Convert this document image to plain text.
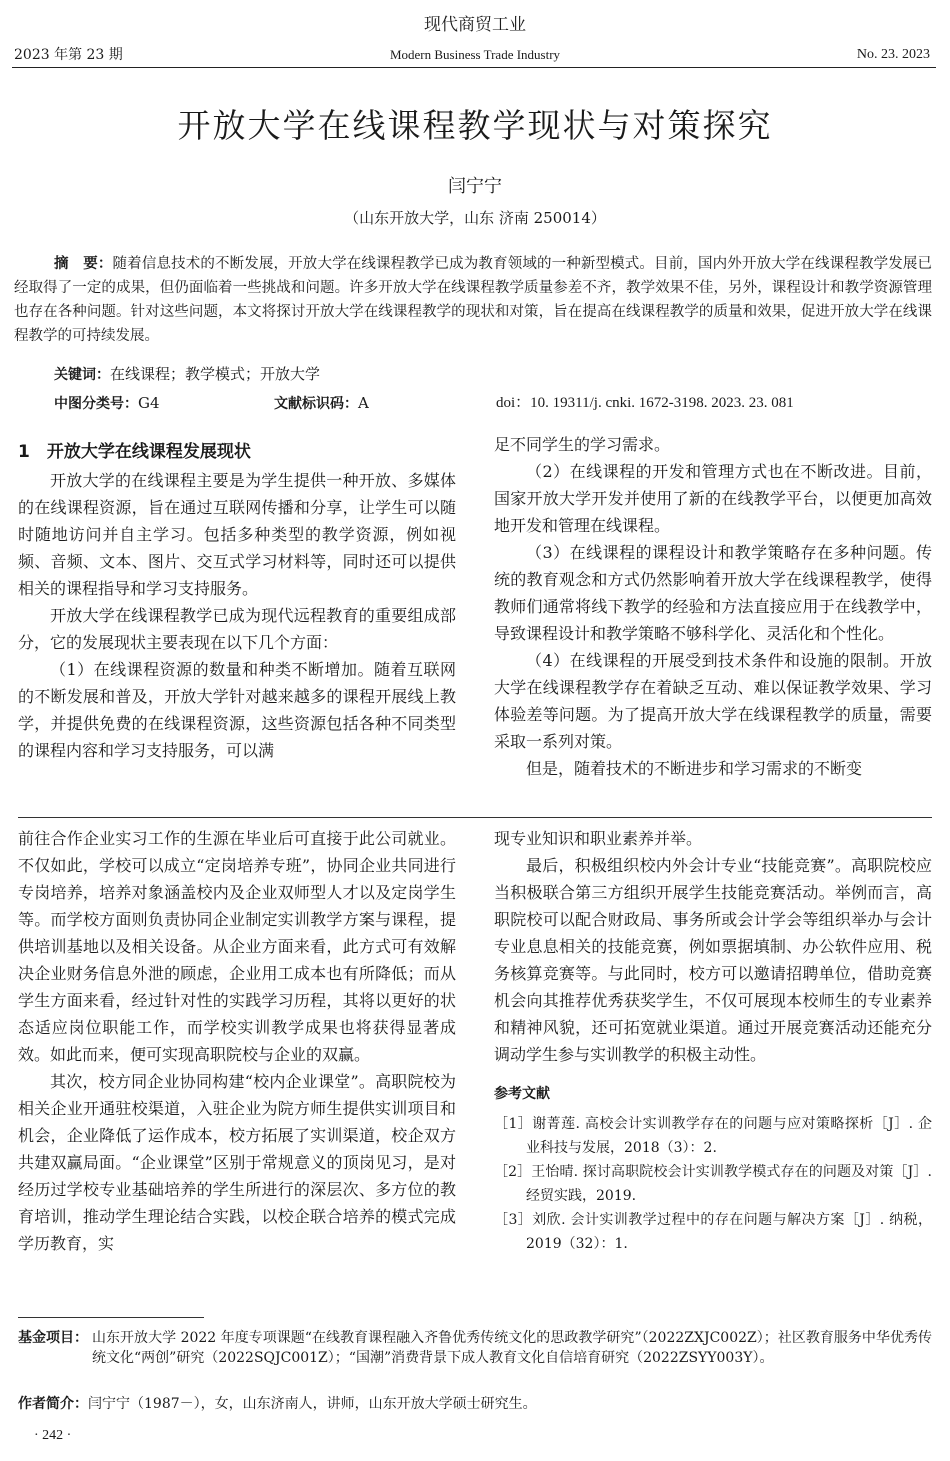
现代商贸工业
2023 年第 23 期	Modern Business Trade Industry	No. 23. 2023
开放大学在线课程教学现状与对策探究
闫宁宁
（山东开放大学，山东 济南 250014）
摘　要：随着信息技术的不断发展，开放大学在线课程教学已成为教育领域的一种新型模式。目前，国内外开放大学在线课程教学发展已经取得了一定的成果，但仍面临着一些挑战和问题。许多开放大学在线课程教学质量参差不齐，教学效果不佳，另外，课程设计和教学资源管理也存在各种问题。针对这些问题，本文将探讨开放大学在线课程教学的现状和对策，旨在提高在线课程教学的质量和效果，促进开放大学在线课程教学的可持续发展。
关键词：在线课程；教学模式；开放大学
中图分类号：G4	文献标识码：A	doi：10. 19311/j. cnki. 1672-3198. 2023. 23. 081

1　开放大学在线课程发展现状

开放大学的在线课程主要是为学生提供一种开放、多媒体的在线课程资源，旨在通过互联网传播和分享，让学生可以随时随地访问并自主学习。包括多种类型的教学资源，例如视频、音频、文本、图片、交互式学习材料等，同时还可以提供相关的课程指导和学习支持服务。

开放大学在线课程教学已成为现代远程教育的重要组成部分，它的发展现状主要表现在以下几个方面：

（1）在线课程资源的数量和种类不断增加。随着互联网的不断发展和普及，开放大学针对越来越多的课程开展线上教学，并提供免费的在线课程资源，这些资源包括各种不同类型的课程内容和学习支持服务，可以满

足不同学生的学习需求。

（2）在线课程的开发和管理方式也在不断改进。目前，国家开放大学开发并使用了新的在线教学平台，以便更加高效地开发和管理在线课程。

（3）在线课程的课程设计和教学策略存在多种问题。传统的教育观念和方式仍然影响着开放大学在线课程教学，使得教师们通常将线下教学的经验和方法直接应用于在线教学中，导致课程设计和教学策略不够科学化、灵活化和个性化。

（4）在线课程的开展受到技术条件和设施的限制。开放大学在线课程教学存在着缺乏互动、难以保证教学效果、学习体验差等问题。为了提高开放大学在线课程教学的质量，需要采取一系列对策。

但是，随着技术的不断进步和学习需求的不断变

前往合作企业实习工作的生源在毕业后可直接于此公司就业。不仅如此，学校可以成立“定岗培养专班”，协同企业共同进行专岗培养，培养对象涵盖校内及企业双师型人才以及定岗学生等。而学校方面则负责协同企业制定实训教学方案与课程，提供培训基地以及相关设备。从企业方面来看，此方式可有效解决企业财务信息外泄的顾虑，企业用工成本也有所降低；而从学生方面来看，经过针对性的实践学习历程，其将以更好的状态适应岗位职能工作，而学校实训教学成果也将获得显著成效。如此而来，便可实现高职院校与企业的双赢。

其次，校方同企业协同构建“校内企业课堂”。高职院校为相关企业开通驻校渠道，入驻企业为院方师生提供实训项目和机会，企业降低了运作成本，校方拓展了实训渠道，校企双方共建双赢局面。“企业课堂”区别于常规意义的顶岗见习，是对经历过学校专业基础培养的学生所进行的深层次、多方位的教育培训，推动学生理论结合实践，以校企联合培养的模式完成学历教育，实

现专业知识和职业素养并举。

最后，积极组织校内外会计专业“技能竞赛”。高职院校应当积极联合第三方组织开展学生技能竞赛活动。举例而言，高职院校可以配合财政局、事务所或会计学会等组织举办与会计专业息息相关的技能竞赛，例如票据填制、办公软件应用、税务核算竞赛等。与此同时，校方可以邀请招聘单位，借助竞赛机会向其推荐优秀获奖学生，不仅可展现本校师生的专业素养和精神风貌，还可拓宽就业渠道。通过开展竞赛活动还能充分调动学生参与实训教学的积极主动性。

参考文献

［1］谢菁莲. 高校会计实训教学存在的问题与应对策略探析［J］. 企业科技与发展，2018（3）：2.
［2］王怡晴. 探讨高职院校会计实训教学模式存在的问题及对策［J］. 经贸实践，2019.
［3］刘欣. 会计实训教学过程中的存在问题与解决方案［J］. 纳税，2019（32）：1.
基金项目： 山东开放大学 2022 年度专项课题“在线教育课程融入齐鲁优秀传统文化的思政教学研究”（2022ZXJC002Z）；社区教育服务中华优秀传统文化“两创”研究（2022SQJC001Z）；“国潮”消费背景下成人教育文化自信培育研究（2022ZSYY003Y）。
作者简介：闫宁宁（1987－），女，山东济南人，讲师，山东开放大学硕士研究生。
· 242 ·
